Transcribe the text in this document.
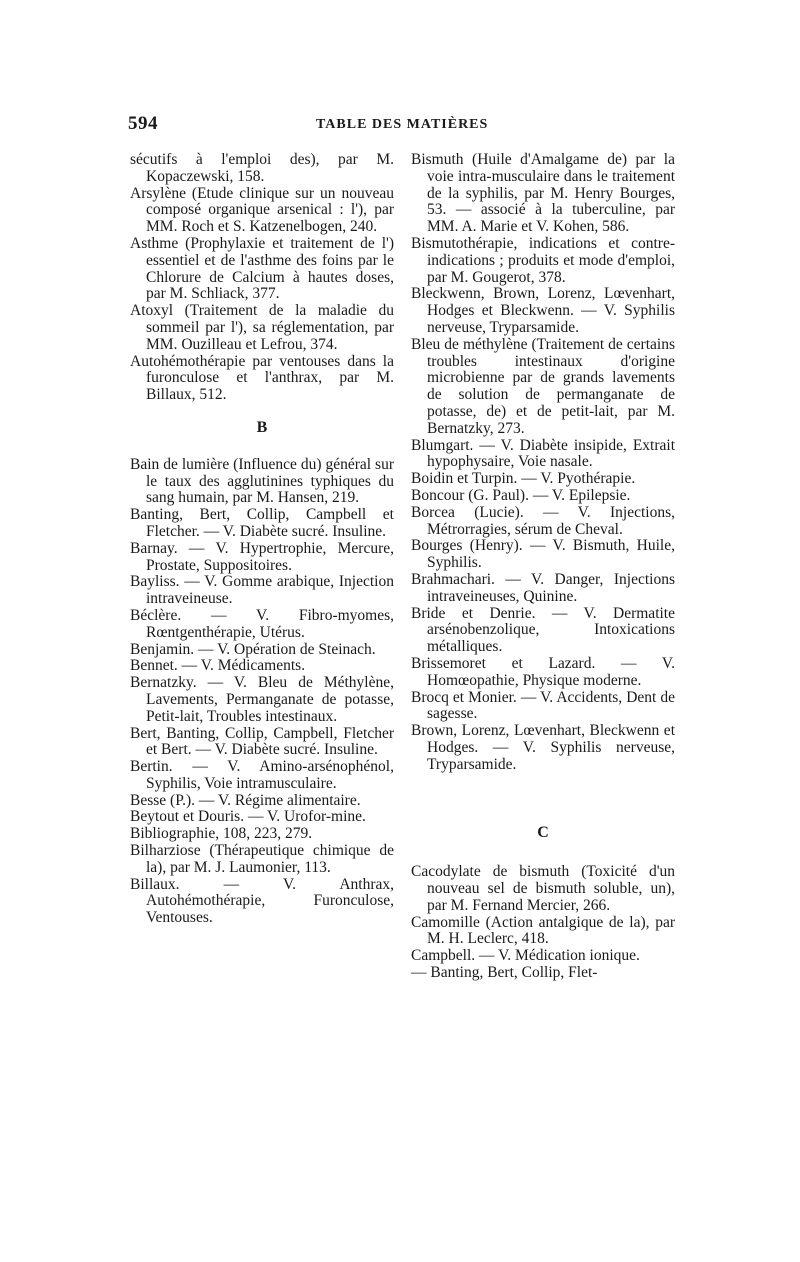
594	TABLE DES MATIÈRES

sécutifs à l'emploi des), par M. Kopaczewski, 158.

Arsylène (Etude clinique sur un nouveau composé organique arsenical : l'), par MM. Roch et S. Katzenelbogen, 240.

Asthme (Prophylaxie et traitement de l') essentiel et de l'asthme des foins par le Chlorure de Calcium à hautes doses, par M. Schliack, 377.

Atoxyl (Traitement de la maladie du sommeil par l'), sa réglementation, par MM. Ouzilleau et Lefrou, 374.

Autohémothérapie par ventouses dans la furonculose et l'anthrax, par M. Billaux, 512.

B

Bain de lumière (Influence du) général sur le taux des agglutinines typhiques du sang humain, par M. Hansen, 219.

Banting, Bert, Collip, Campbell et Fletcher. — V. Diabète sucré. Insuline.

Barnay. — V. Hypertrophie, Mercure, Prostate, Suppositoires.

Bayliss. — V. Gomme arabique, Injection intraveineuse.

Béclère. — V. Fibro-myomes, Rœntgenthérapie, Utérus.

Benjamin. — V. Opération de Steinach.

Bennet. — V. Médicaments.

Bernatzky. — V. Bleu de Méthylène, Lavements, Permanganate de potasse, Petit-lait, Troubles intestinaux.

Bert, Banting, Collip, Campbell, Fletcher et Bert. — V. Diabète sucré. Insuline.

Bertin. — V. Amino-arsénophénol, Syphilis, Voie intramusculaire.

Besse (P.). — V. Régime alimentaire.

Beytout et Douris. — V. Urofor-mine.

Bibliographie, 108, 223, 279.

Bilharziose (Thérapeutique chimique de la), par M. J. Laumonier, 113.

Billaux. — V. Anthrax, Autohémothérapie, Furonculose, Ventouses.

Bismuth (Huile d'Amalgame de) par la voie intra-musculaire dans le traitement de la syphilis, par M. Henry Bourges, 53. — associé à la tuberculine, par MM. A. Marie et V. Kohen, 586.

Bismutothérapie, indications et contre-indications ; produits et mode d'emploi, par M. Gougerot, 378.

Bleckwenn, Brown, Lorenz, Lœvenhart, Hodges et Bleckwenn. — V. Syphilis nerveuse, Tryparsamide.

Bleu de méthylène (Traitement de certains troubles intestinaux d'origine microbienne par de grands lavements de solution de permanganate de potasse, de) et de petit-lait, par M. Bernatzky, 273.

Blumgart. — V. Diabète insipide, Extrait hypophysaire, Voie nasale.

Boidin et Turpin. — V. Pyothérapie.

Boncour (G. Paul). — V. Epilepsie.

Borcea (Lucie). — V. Injections, Métrorragies, sérum de Cheval.

Bourges (Henry). — V. Bismuth, Huile, Syphilis.

Brahmachari. — V. Danger, Injections intraveineuses, Quinine.

Bride et Denrie. — V. Dermatite arsénobenzolique, Intoxications métalliques.

Brissemoret et Lazard. — V. Homœopathie, Physique moderne.

Brocq et Monier. — V. Accidents, Dent de sagesse.

Brown, Lorenz, Lœvenhart, Bleckwenn et Hodges. — V. Syphilis nerveuse, Tryparsamide.

C

Cacodylate de bismuth (Toxicité d'un nouveau sel de bismuth soluble, un), par M. Fernand Mercier, 266.

Camomille (Action antalgique de la), par M. H. Leclerc, 418.

Campbell. — V. Médication ionique.

— Banting, Bert, Collip, Flet-
